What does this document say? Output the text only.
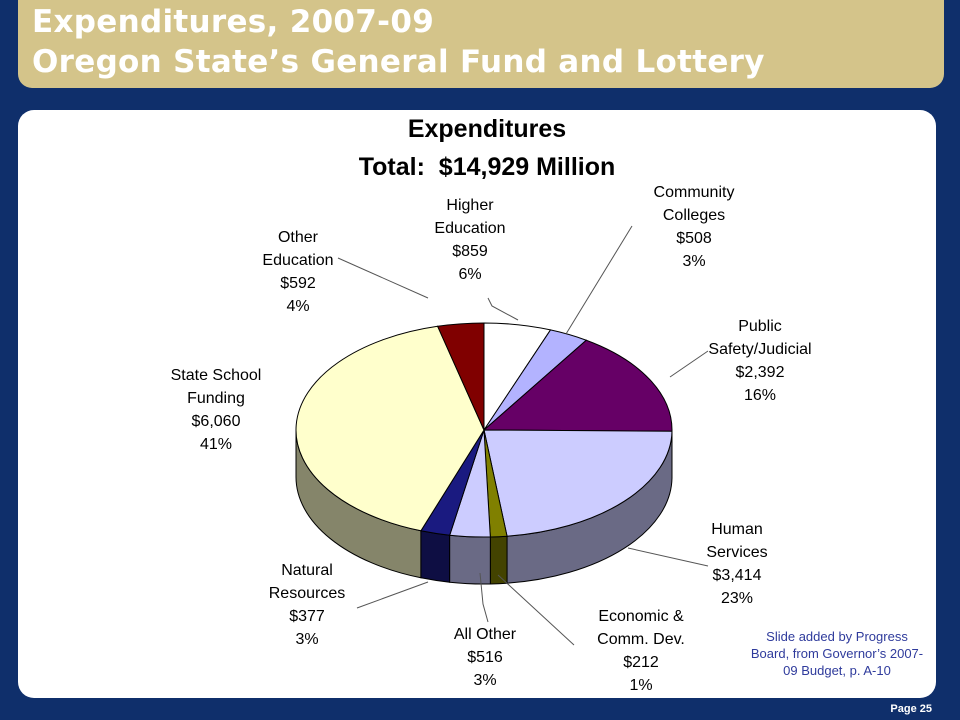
Expenditures, 2007-09
Oregon State’s General Fund and Lottery
Expenditures
Total:  $14,929 Million
Higher Education $859 6%
Community Colleges $508 3%
Public Safety/Judicial $2,392 16%
Human Services $3,414 23%
Economic & Comm. Dev. $212 1%
All Other $516 3%
Natural Resources $377 3%
State School Funding $6,060 41%
Other Education $592 4%
Slide added by Progress Board, from Governor’s 2007-09 Budget, p. A-10
Page 25
